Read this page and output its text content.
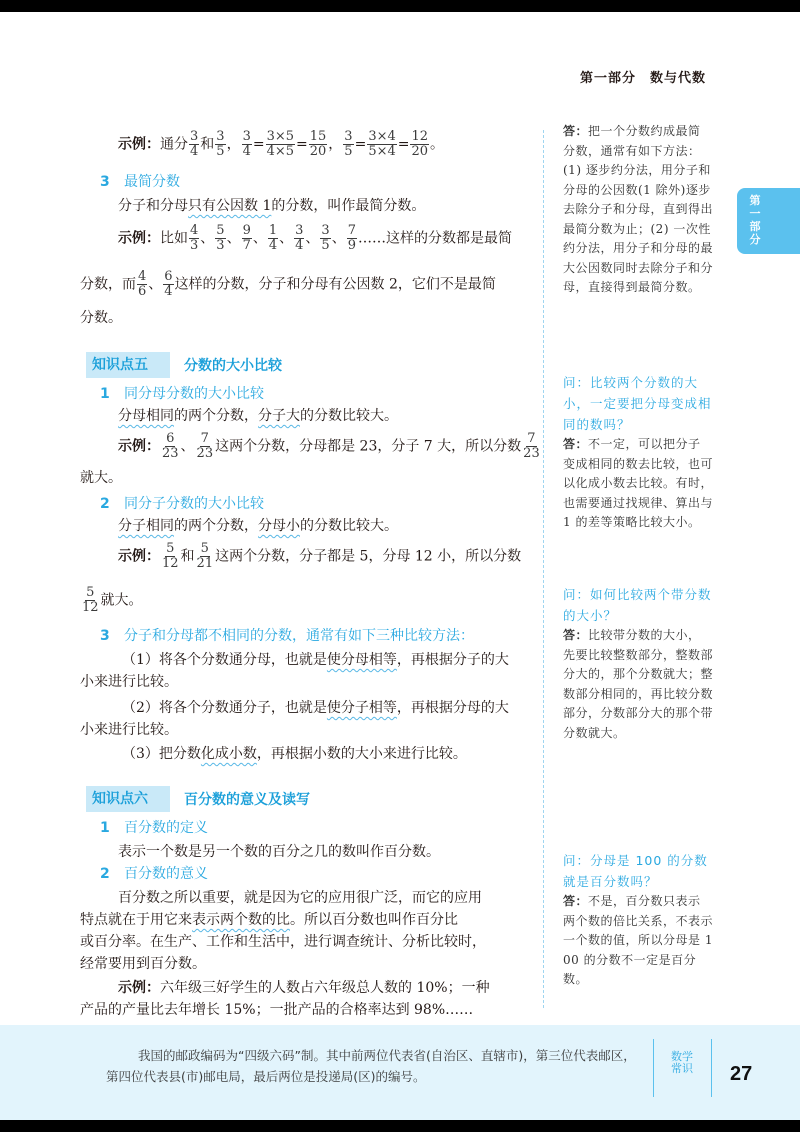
第一部分　数与代数
第
一
部
分
示例：通分 $\frac{3}{4}$ 和 $\frac{3}{5}$ ， $\frac{3}{4} = \frac{3\times 5}{4\times 5} = \frac{15}{20}$ ， $\frac{3}{5} = \frac{3\times 4}{5\times 4} = \frac{12}{20}$ 。
3 最简分数
分子和分母只有公因数 1的分数，叫作最简分数。
示例：比如 $\frac{4}{3}$ 、 $\frac{5}{3}$ 、 $\frac{9}{7}$ 、 $\frac{1}{4}$ 、 $\frac{3}{4}$ 、 $\frac{3}{5}$ 、 $\frac{7}{9}$ ……这样的分数都是最简
分数，而 $\frac{4}{6}$ 、 $\frac{6}{4}$ 这样的分数，分子和分母有公因数 2，它们不是最简
分数。
知识点五	分数的大小比较
1 同分母分数的大小比较
分母相同的两个分数，分子大的分数比较大。
示例： $\frac{6}{23}$ 、 $\frac{7}{23}$ 这两个分数，分母都是 23，分子 7 大，所以分数 $\frac{7}{23}$
就大。
2 同分子分数的大小比较
分子相同的两个分数，分母小的分数比较大。
示例： $\frac{5}{12}$ 和 $\frac{5}{21}$ 这两个分数，分子都是 5，分母 12 小，所以分数
$\frac{5}{12}$ 就大。
3 分子和分母都不相同的分数，通常有如下三种比较方法：
（1）将各个分数通分母，也就是使分母相等，再根据分子的大
小来进行比较。
（2）将各个分数通分子，也就是使分子相等，再根据分母的大
小来进行比较。
（3）把分数化成小数，再根据小数的大小来进行比较。
知识点六	百分数的意义及读写
1 百分数的定义
表示一个数是另一个数的百分之几的数叫作百分数。
2 百分数的意义
百分数之所以重要，就是因为它的应用很广泛，而它的应用
特点就在于用它来表示两个数的比。所以百分数也叫作百分比
或百分率。在生产、工作和生活中，进行调查统计、分析比较时，
经常要用到百分数。
示例：六年级三好学生的人数占六年级总人数的 10%；一种
产品的产量比去年增长 15%；一批产品的合格率达到 98%……

答：把一个分数约成最简分数，通常有如下方法：(1) 逐步约分法，用分子和分母的公因数(1 除外)逐步去除分子和分母，直到得出最简分数为止；(2) 一次性约分法，用分子和分母的最大公因数同时去除分子和分母，直接得到最简分数。

问：比较两个分数的大小，一定要把分母变成相同的数吗？

答：不一定，可以把分子变成相同的数去比较，也可以化成小数去比较。有时，也需要通过找规律、算出与 1 的差等策略比较大小。

问：如何比较两个带分数的大小？

答：比较带分数的大小，先要比较整数部分，整数部分大的，那个分数就大；整数部分相同的，再比较分数部分，分数部分大的那个带分数就大。

问：分母是 100 的分数就是百分数吗？

答：不是，百分数只表示两个数的倍比关系，不表示一个数的值，所以分母是 100 的分数不一定是百分数。

我国的邮政编码为“四级六码”制。其中前两位代表省(自治区、直辖市)，第三位代表邮区，第四位代表县(市)邮电局，最后两位是投递局(区)的编号。
数学常识 27
